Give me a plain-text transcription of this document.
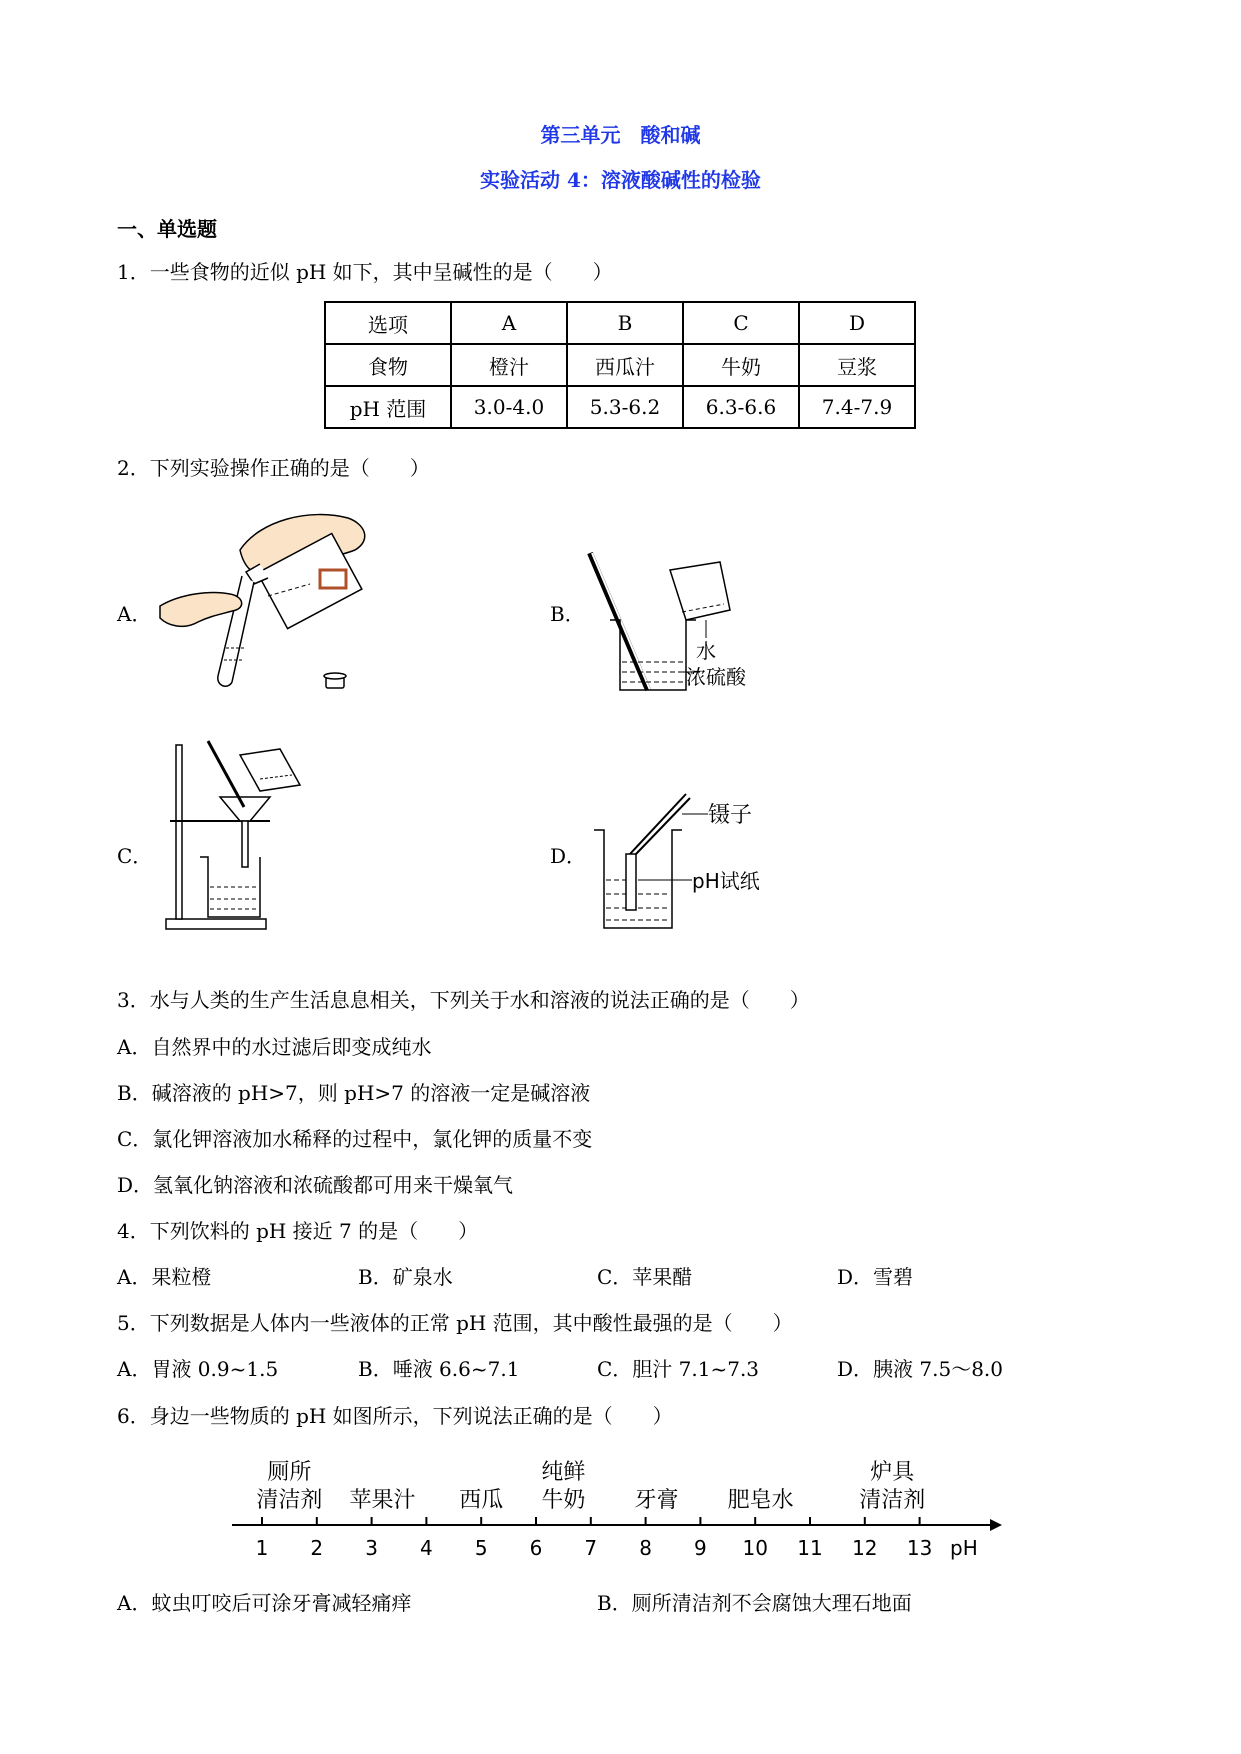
第三单元　酸和碱
实验活动 4：溶液酸碱性的检验
一、单选题
1．一些食物的近似 pH 如下，其中呈碱性的是（　　）
选项	A	B	C	D
食物	橙汁	西瓜汁	牛奶	豆浆
pH 范围	3.0-4.0	5.3-6.2	6.3-6.6	7.4-7.9
2．下列实验操作正确的是（　　）
A．	B．
水
浓硫酸
C．	D．
镊子
pH试纸
3．水与人类的生产生活息息相关，下列关于水和溶液的说法正确的是（　　）
A．自然界中的水过滤后即变成纯水
B．碱溶液的 pH>7，则 pH>7 的溶液一定是碱溶液
C．氯化钾溶液加水稀释的过程中，氯化钾的质量不变
D．氢氧化钠溶液和浓硫酸都可用来干燥氧气
4．下列饮料的 pH 接近 7 的是（　　）
A．果粒橙	B．矿泉水	C．苹果醋	D．雪碧
5．下列数据是人体内一些液体的正常 pH 范围，其中酸性最强的是（　　）
A．胃液 0.9~1.5	B．唾液 6.6~7.1	C．胆汁 7.1~7.3	D．胰液 7.5～8.0
6．身边一些物质的 pH 如图所示，下列说法正确的是（　　）
1 2 3 4 5 6 7 8 9 10 11 12 13 pH
厕所
清洁剂 苹果汁 西瓜
纯鲜
牛奶 牙膏 肥皂水
炉具
清洁剂
A．蚊虫叮咬后可涂牙膏减轻痛痒	B．厕所清洁剂不会腐蚀大理石地面
